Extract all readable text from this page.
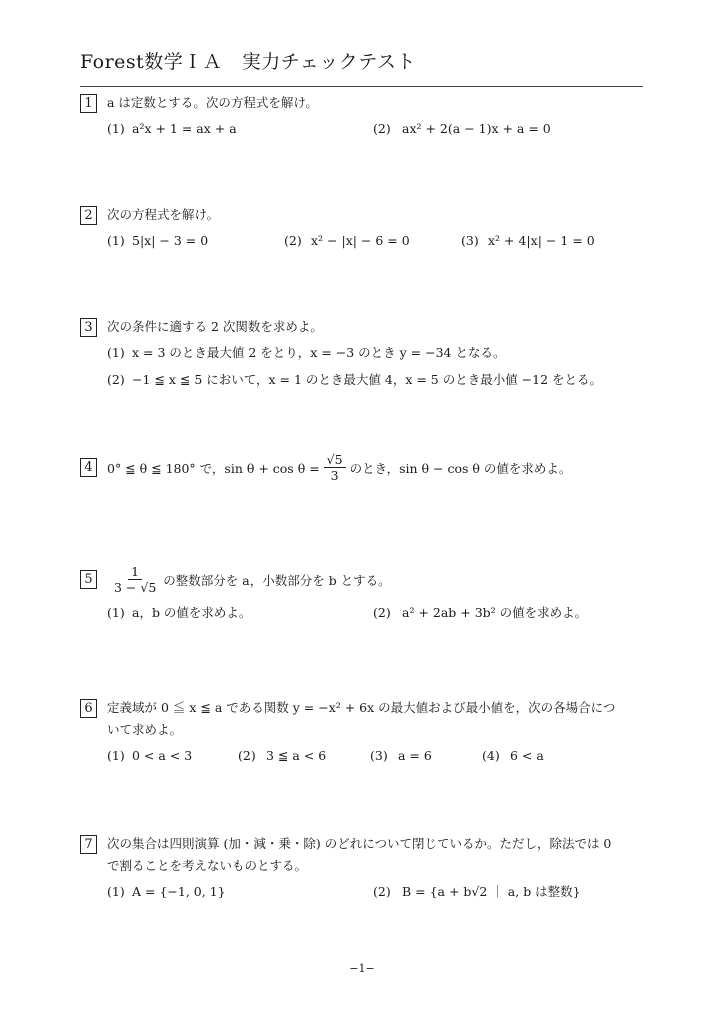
Forest数学ＩＡ　実力チェックテスト
1	a は定数とする。次の方程式を解け。
(1) a²x + 1 = ax + a	(2) ax² + 2(a − 1)x + a = 0
2	次の方程式を解け。
(1) 5|x| − 3 = 0	(2) x² − |x| − 6 = 0	(3) x² + 4|x| − 1 = 0
3	次の条件に適する 2 次関数を求めよ。
(1) x = 3 のとき最大値 2 をとり，x = −3 のとき y = −34 となる。
(2) −1 ≦ x ≦ 5 において，x = 1 のとき最大値 4，x = 5 のとき最小値 −12 をとる。
4	0° ≦ θ ≦ 180° で，$\sin \theta + \cos \theta = \frac{√5}{3}$ のとき，sin θ − cos θ の値を求めよ。
5	$\frac{1}{3 - √5}$ の整数部分を a，小数部分を b とする。
(1) a，b の値を求めよ。	(2) a² + 2ab + 3b² の値を求めよ。
6	定義域が 0 ≦ x ≦ a である関数 y = −x² + 6x の最大値および最小値を，次の各場合につ
いて求めよ。
(1) 0 < a < 3	(2) 3 ≦ a < 6	(3) a = 6	(4) 6 < a
7	次の集合は四則演算 (加・減・乗・除) のどれについて閉じているか。ただし，除法では 0
で割ることを考えないものとする。
(1) A = {−1, 0, 1}	(2) B = {a + b√2 ｜ a, b は整数}
−1−
